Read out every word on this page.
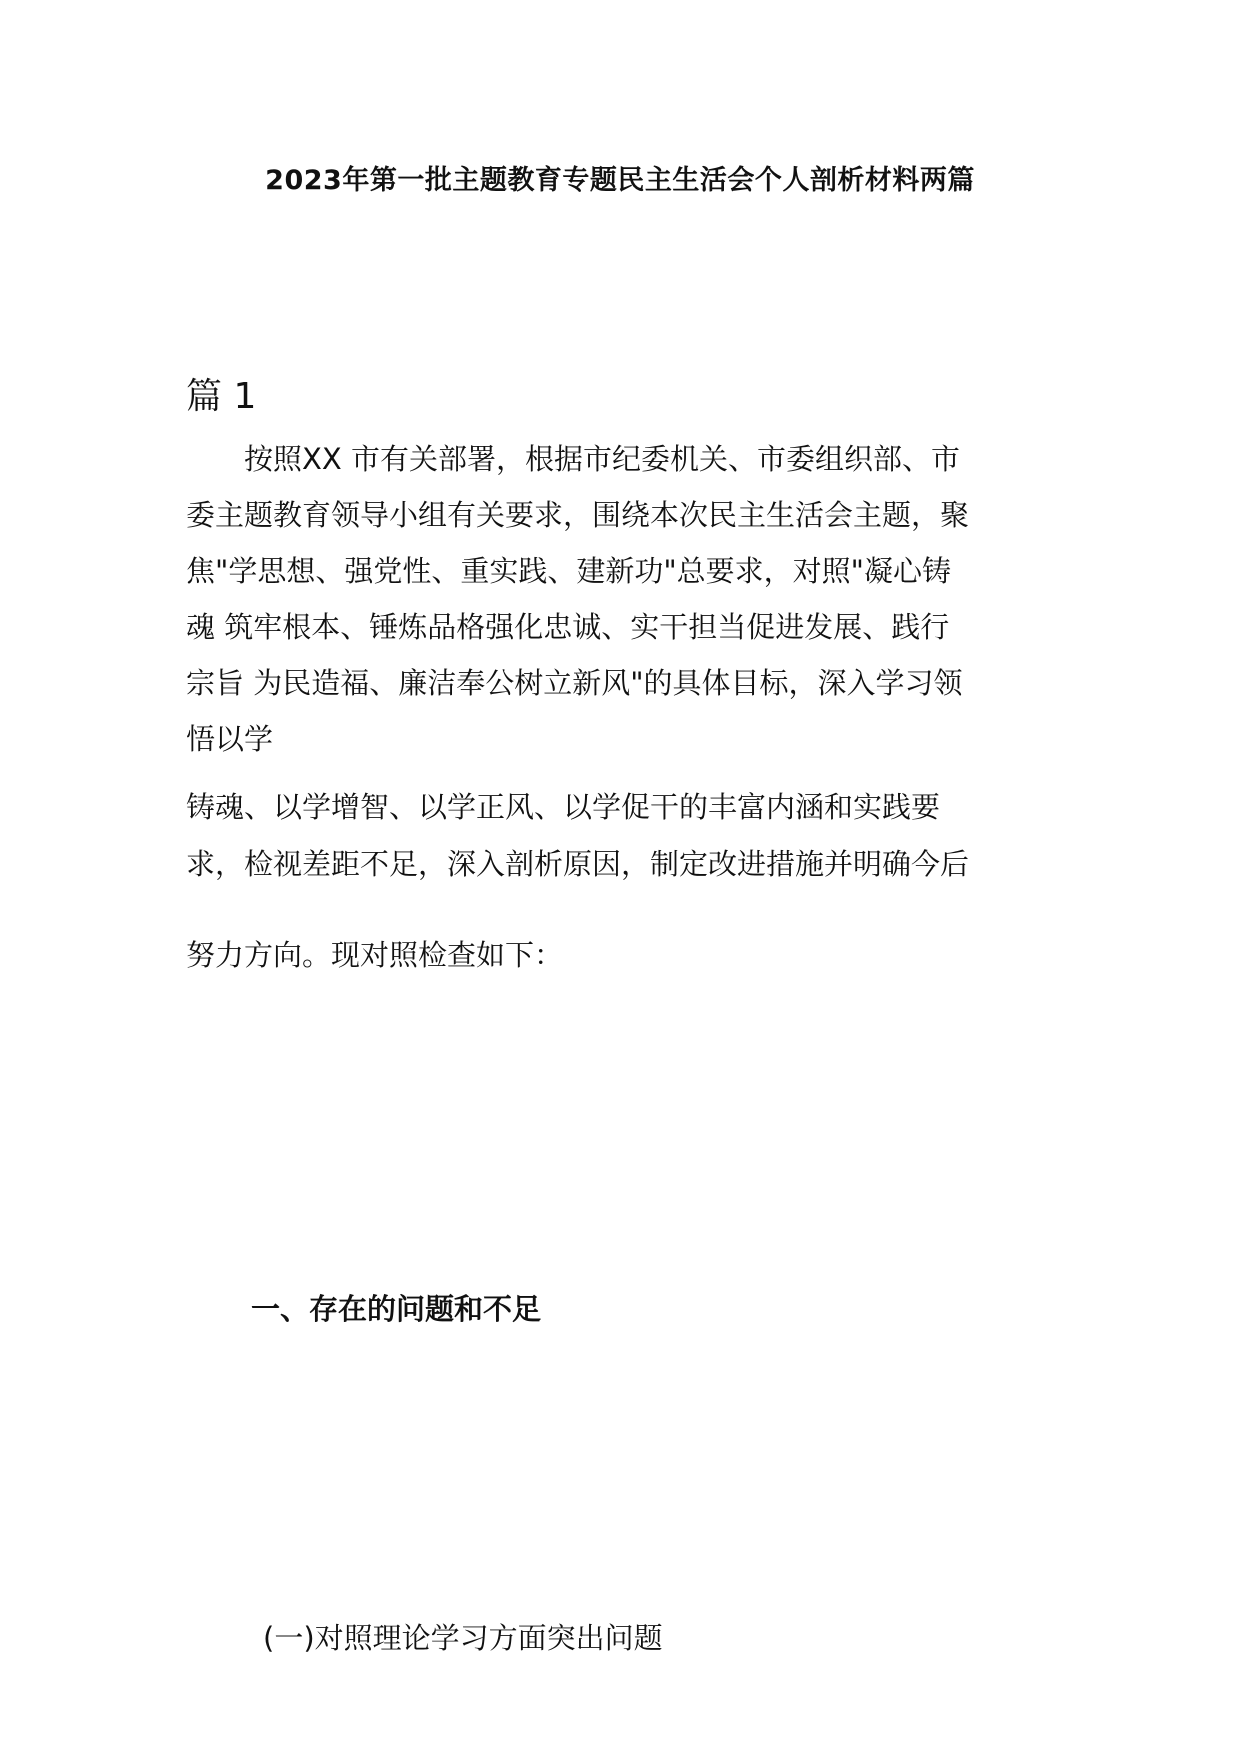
2023年第一批主题教育专题民主生活会个人剖析材料两篇
篇 1
　　按照XX 市有关部署，根据市纪委机关、市委组织部、市
委主题教育领导小组有关要求，围绕本次民主生活会主题，聚
焦"学思想、强党性、重实践、建新功"总要求，对照"凝心铸
魂 筑牢根本、锤炼品格强化忠诚、实干担当促进发展、践行
宗旨 为民造福、廉洁奉公树立新风"的具体目标，深入学习领
悟以学
铸魂、以学增智、以学正风、以学促干的丰富内涵和实践要
求，检视差距不足，深入剖析原因，制定改进措施并明确今后
努力方向。现对照检查如下：
一、存在的问题和不足
(一)对照理论学习方面突出问题
